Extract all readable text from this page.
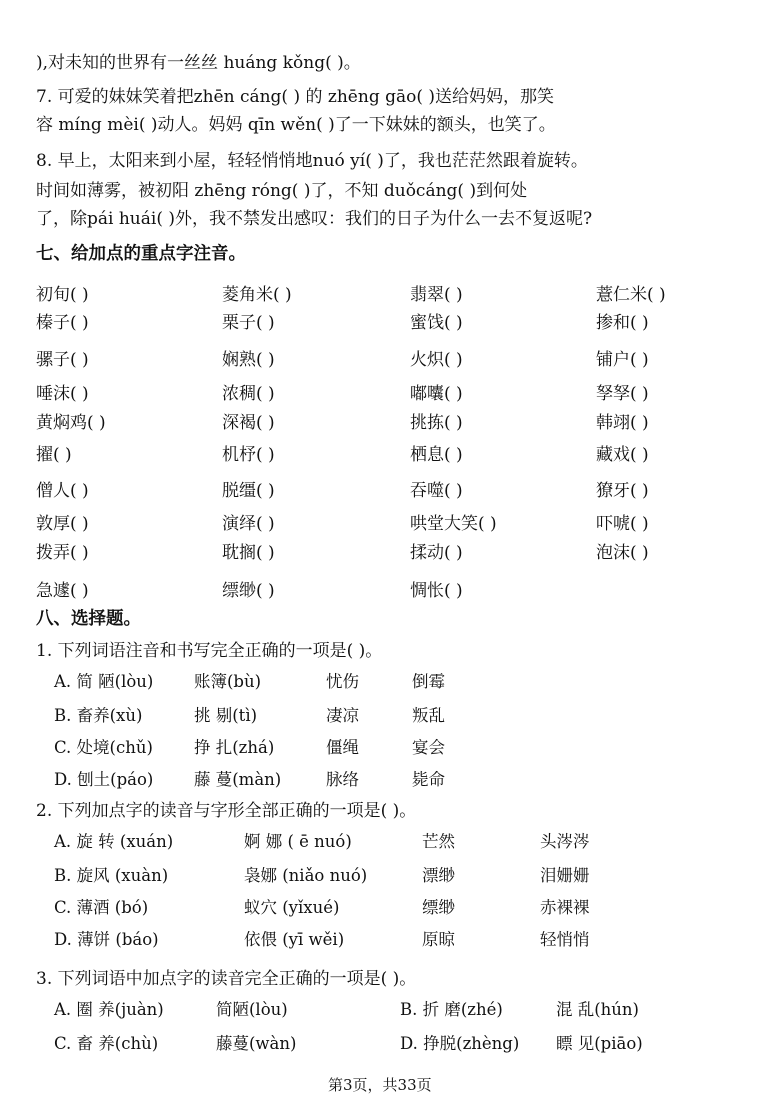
),对未知的世界有一丝丝 huáng kǒng( )。
7. 可爱的妹妹笑着把zhēn cáng( ) 的 zhēng gāo( )送给妈妈，那笑
容 míng mèi( )动人。妈妈 qīn wěn( )了一下妹妹的额头，也笑了。
8. 早上，太阳来到小屋，轻轻悄悄地nuó yí( )了，我也茫茫然跟着旋转。
时间如薄雾，被初阳 zhēng róng( )了，不知 duǒcáng( )到何处
了，除pái huái( )外，我不禁发出感叹：我们的日子为什么一去不复返呢?
七、给加点的重点字注音。
初旬( )	菱角米( )	翡翠( )	薏仁米( )
榛子( )	栗子( )	蜜饯( )	掺和( )
骡子( )	娴熟( )	火炽( )	铺户( )
唾沫( )	浓稠( )	嘟囔( )	孥孥( )
黄焖鸡( )	深褐( )	挑拣( )	韩翊( )
擢( )	机杼( )	栖息( )	藏戏( )
僧人( )	脱缰( )	吞噬( )	獠牙( )
敦厚( )	演绎( )	哄堂大笑( )	吓唬( )
拨弄( )	耽搁( )	揉动( )	泡沫( )
急遽( )	缥缈( )	惆怅( )
八、选择题。
1. 下列词语注音和书写完全正确的一项是( )。
A. 简 陋(lòu) 账簿(bù)	忧伤	倒霉
B. 畜养(xù)	挑 剔(tì)	凄凉	叛乱
C. 处境(chǔ) 挣 扎(zhá)	僵绳	宴会
D. 刨土(páo) 藤 蔓(màn)	脉络	毙命
2. 下列加点字的读音与字形全部正确的一项是( )。
A. 旋 转 (xuán)	婀 娜 ( ē nuó)	芒然	头涔涔
B. 旋风 (xuàn)	袅娜 (niǎo nuó)	漂缈	泪姗姗
C. 薄酒 (bó)	蚁穴 (yǐxué)	缥缈	赤裸裸
D. 薄饼 (báo)	依偎 (yī wěi)	原晾	轻悄悄
3. 下列词语中加点字的读音完全正确的一项是( )。
A. 圈 养(juàn)	简陋(lòu)	B. 折 磨(zhé)	混 乱(hún)
C. 畜 养(chù)	藤蔓(wàn)	D. 挣脱(zhèng) 瞟 见(piāo)
第3页，共33页
